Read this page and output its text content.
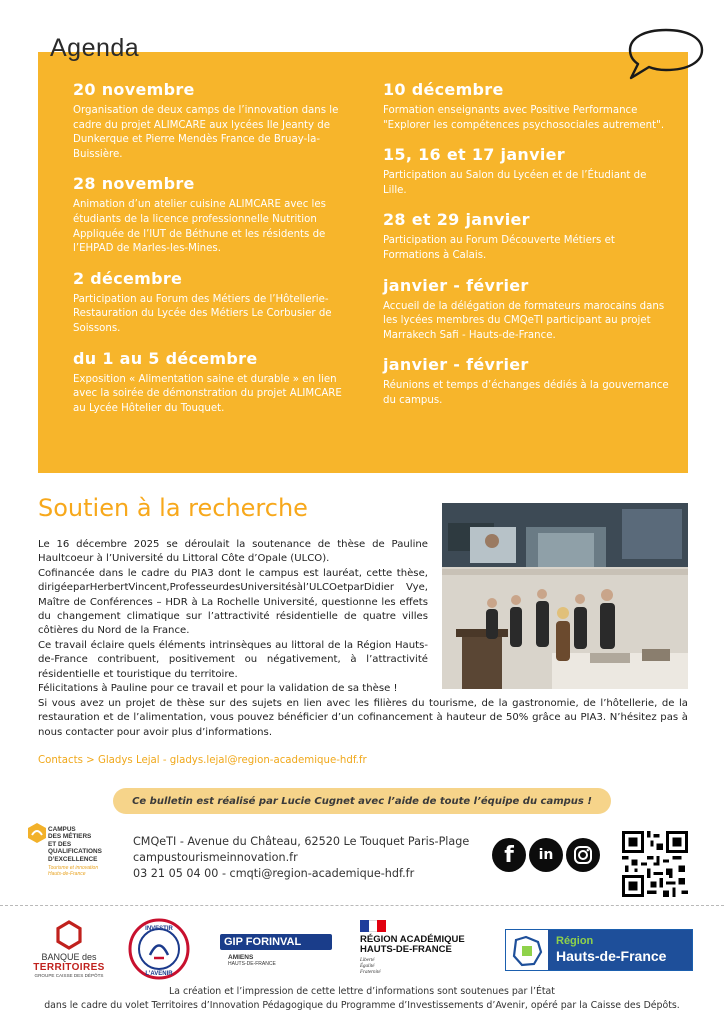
Agenda
20 novembre
Organisation de deux camps de l’innovation dans le cadre du projet ALIMCARE aux lycées Ile Jeanty de Dunkerque et Pierre Mendès France de Bruay-la-Buissière.
28 novembre
Animation d’un atelier cuisine ALIMCARE avec les étudiants de la licence professionnelle Nutrition Appliquée de l’IUT de Béthune et les résidents de l’EHPAD de Marles-les-Mines.
2 décembre
Participation au Forum des Métiers de l’Hôtellerie-Restauration du Lycée des Métiers Le Corbusier de Soissons.
du 1 au 5 décembre
Exposition « Alimentation saine et durable » en lien avec la soirée de démonstration du projet ALIMCARE au Lycée Hôtelier du Touquet.
10 décembre
Formation enseignants avec Positive Performance "Explorer les compétences psychosociales autrement".
15, 16 et 17 janvier
Participation au Salon du Lycéen et de l’Étudiant de Lille.
28 et 29 janvier
Participation au Forum Découverte Métiers et Formations à Calais.
janvier - février
Accueil de la délégation de formateurs marocains dans les lycées membres du CMQeTI participant au projet Marrakech Safi - Hauts-de-France.
janvier - février
Réunions et temps d’échanges dédiés à la gouvernance du campus.
Soutien à la recherche

Le 16 décembre 2025 se déroulait la soutenance de thèse de Pauline Haultcoeur à l’Université du Littoral Côte d’Opale (ULCO).

Cofinancée dans le cadre du PIA3 dont le campus est lauréat, cette thèse, dirigéeparHerbertVincent,ProfesseurdesUniversitésàl’ULCOetparDidier Vye, Maître de Conférences – HDR à La Rochelle Université, questionne les effets du changement climatique sur l’attractivité résidentielle de quatre villes côtières du Nord de la France.

Ce travail éclaire quels éléments intrinsèques au littoral de la Région Hauts-de-France contribuent, positivement ou négativement, à l’attractivité résidentielle et touristique du territoire.

Félicitations à Pauline pour ce travail et pour la validation de sa thèse !

Si vous avez un projet de thèse sur des sujets en lien avec les filières du tourisme, de la gastronomie, de l’hôtellerie, de la restauration et de l’alimentation, vous pouvez bénéficier d’un cofinancement à hauteur de 50% grâce au PIA3. N’hésitez pas à nous contacter pour avoir plus d’informations.
Contacts > Gladys Lejal - gladys.lejal@region-academique-hdf.fr
Ce bulletin est réalisé par Lucie Cugnet avec l’aide de toute l’équipe du campus !
CAMPUS
DES MÉTIERS
ET DES
QUALIFICATIONS
D’EXCELLENCE
Tourisme et innovation
Hauts-de-France
CMQeTI - Avenue du Château, 62520 Le Touquet Paris-Plage
campustourismeinnovation.fr
03 21 05 04 00 - cmqti@region-academique-hdf.fr
f	in
BANQUE des
TERRITOIRES
GROUPE CAISSE DES DÉPÔTS
INVESTIR
L’AVENIR
GIP FORINVAL
AMIENS
HAUTS-DE-FRANCE
RÉGION ACADÉMIQUE
HAUTS-DE-FRANCE
Liberté
Égalité
Fraternité
Région
Hauts-de-France
La création et l’impression de cette lettre d’informations sont soutenues par l’État
dans le cadre du volet Territoires d’Innovation Pédagogique du Programme d’Investissements d’Avenir, opéré par la Caisse des Dépôts.
